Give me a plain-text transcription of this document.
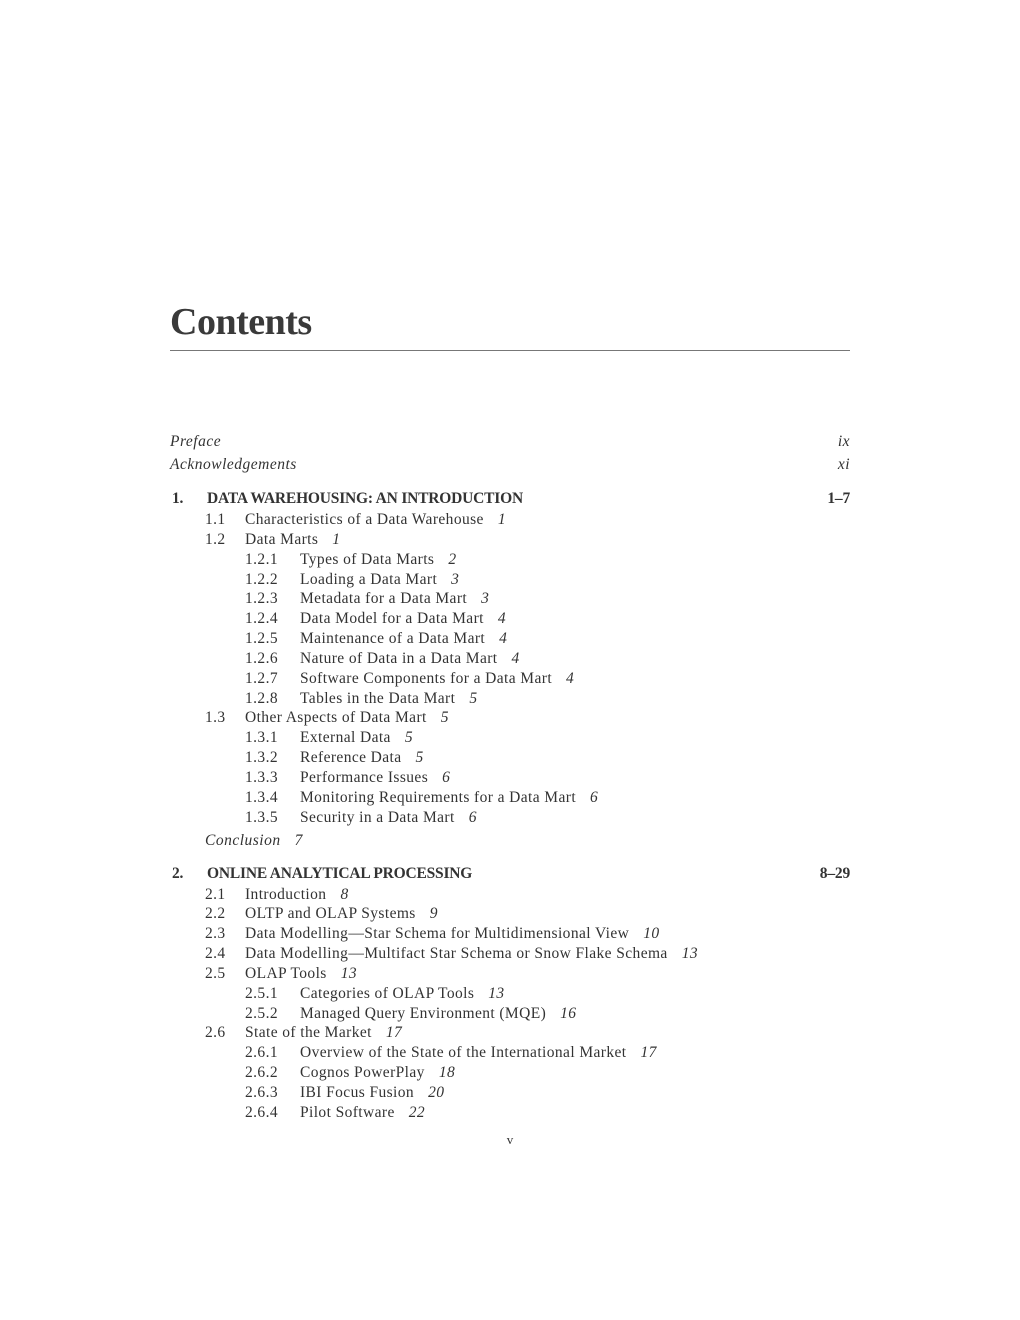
Contents
Preface	ix
Acknowledgements	xi
1.	DATA WAREHOUSING: AN INTRODUCTION	1–7
1.1	Characteristics of a Data Warehouse 1
1.2	Data Marts 1
1.2.1	Types of Data Marts 2
1.2.2	Loading a Data Mart 3
1.2.3	Metadata for a Data Mart 3
1.2.4	Data Model for a Data Mart 4
1.2.5	Maintenance of a Data Mart 4
1.2.6	Nature of Data in a Data Mart 4
1.2.7	Software Components for a Data Mart 4
1.2.8	Tables in the Data Mart 5
1.3	Other Aspects of Data Mart 5
1.3.1	External Data 5
1.3.2	Reference Data 5
1.3.3	Performance Issues 6
1.3.4	Monitoring Requirements for a Data Mart 6
1.3.5	Security in a Data Mart 6
Conclusion 7
2.	ONLINE ANALYTICAL PROCESSING	8–29
2.1	Introduction 8
2.2	OLTP and OLAP Systems 9
2.3	Data Modelling—Star Schema for Multidimensional View 10
2.4	Data Modelling—Multifact Star Schema or Snow Flake Schema 13
2.5	OLAP Tools 13
2.5.1	Categories of OLAP Tools 13
2.5.2	Managed Query Environment (MQE) 16
2.6	State of the Market 17
2.6.1	Overview of the State of the International Market 17
2.6.2	Cognos PowerPlay 18
2.6.3	IBI Focus Fusion 20
2.6.4	Pilot Software 22
v
